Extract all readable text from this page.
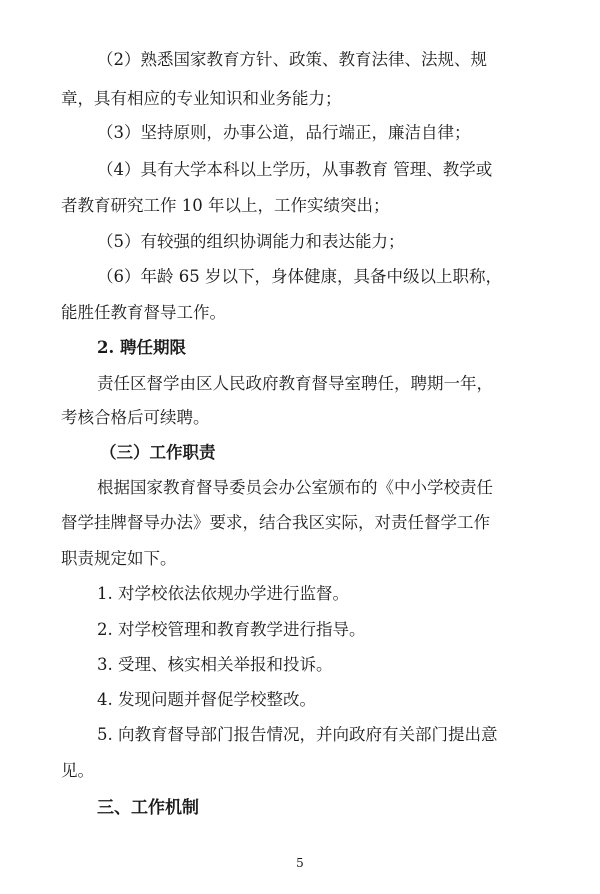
（2）熟悉国家教育方针、政策、教育法律、法规、规
章，具有相应的专业知识和业务能力；
（3）坚持原则，办事公道，品行端正，廉洁自律；
（4）具有大学本科以上学历，从事教育 管理、教学或
者教育研究工作 10 年以上，工作实绩突出；
（5）有较强的组织协调能力和表达能力；
（6）年龄 65 岁以下，身体健康，具备中级以上职称，
能胜任教育督导工作。
2. 聘任期限
责任区督学由区人民政府教育督导室聘任，聘期一年，
考核合格后可续聘。
（三）工作职责
根据国家教育督导委员会办公室颁布的《中小学校责任
督学挂牌督导办法》要求，结合我区实际，对责任督学工作
职责规定如下。
1. 对学校依法依规办学进行监督。
2. 对学校管理和教育教学进行指导。
3. 受理、核实相关举报和投诉。
4. 发现问题并督促学校整改。
5. 向教育督导部门报告情况，并向政府有关部门提出意
见。
三、工作机制
5
